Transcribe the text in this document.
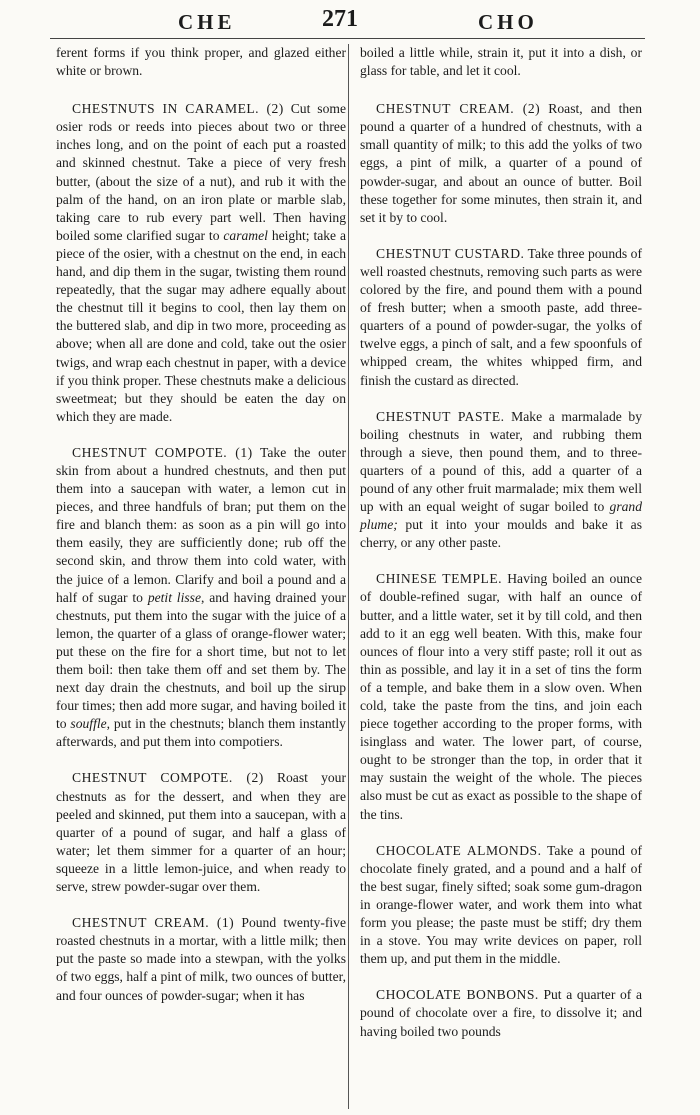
CHE	271	CHO

ferent forms if you think proper, and glazed either white or brown.

CHESTNUTS IN CARAMEL. (2) Cut some osier rods or reeds into pieces about two or three inches long, and on the point of each put a roasted and skinned chestnut. Take a piece of very fresh butter, (about the size of a nut), and rub it with the palm of the hand, on an iron plate or marble slab, taking care to rub every part well. Then having boiled some clarified sugar to caramel height; take a piece of the osier, with a chestnut on the end, in each hand, and dip them in the sugar, twisting them round repeatedly, that the sugar may adhere equally about the chestnut till it begins to cool, then lay them on the buttered slab, and dip in two more, proceeding as above; when all are done and cold, take out the osier twigs, and wrap each chestnut in paper, with a device if you think proper. These chestnuts make a delicious sweetmeat; but they should be eaten the day on which they are made.

CHESTNUT COMPOTE. (1) Take the outer skin from about a hundred chestnuts, and then put them into a saucepan with water, a lemon cut in pieces, and three handfuls of bran; put them on the fire and blanch them: as soon as a pin will go into them easily, they are sufficiently done; rub off the second skin, and throw them into cold water, with the juice of a lemon. Clarify and boil a pound and a half of sugar to petit lisse, and having drained your chestnuts, put them into the sugar with the juice of a lemon, the quarter of a glass of orange-flower water; put these on the fire for a short time, but not to let them boil: then take them off and set them by. The next day drain the chestnuts, and boil up the sirup four times; then add more sugar, and having boiled it to souffle, put in the chestnuts; blanch them instantly afterwards, and put them into compotiers.

CHESTNUT COMPOTE. (2) Roast your chestnuts as for the dessert, and when they are peeled and skinned, put them into a saucepan, with a quarter of a pound of sugar, and half a glass of water; let them simmer for a quarter of an hour; squeeze in a little lemon-juice, and when ready to serve, strew powder-sugar over them.

CHESTNUT CREAM. (1) Pound twenty-five roasted chestnuts in a mortar, with a little milk; then put the paste so made into a stewpan, with the yolks of two eggs, half a pint of milk, two ounces of butter, and four ounces of powder-sugar; when it has

boiled a little while, strain it, put it into a dish, or glass for table, and let it cool.

CHESTNUT CREAM. (2) Roast, and then pound a quarter of a hundred of chestnuts, with a small quantity of milk; to this add the yolks of two eggs, a pint of milk, a quarter of a pound of powder-sugar, and about an ounce of butter. Boil these together for some minutes, then strain it, and set it by to cool.

CHESTNUT CUSTARD. Take three pounds of well roasted chestnuts, removing such parts as were colored by the fire, and pound them with a pound of fresh butter; when a smooth paste, add three-quarters of a pound of powder-sugar, the yolks of twelve eggs, a pinch of salt, and a few spoonfuls of whipped cream, the whites whipped firm, and finish the custard as directed.

CHESTNUT PASTE. Make a marmalade by boiling chestnuts in water, and rubbing them through a sieve, then pound them, and to three-quarters of a pound of this, add a quarter of a pound of any other fruit marmalade; mix them well up with an equal weight of sugar boiled to grand plume; put it into your moulds and bake it as cherry, or any other paste.

CHINESE TEMPLE. Having boiled an ounce of double-refined sugar, with half an ounce of butter, and a little water, set it by till cold, and then add to it an egg well beaten. With this, make four ounces of flour into a very stiff paste; roll it out as thin as possible, and lay it in a set of tins the form of a temple, and bake them in a slow oven. When cold, take the paste from the tins, and join each piece together according to the proper forms, with isinglass and water. The lower part, of course, ought to be stronger than the top, in order that it may sustain the weight of the whole. The pieces also must be cut as exact as possible to the shape of the tins.

CHOCOLATE ALMONDS. Take a pound of chocolate finely grated, and a pound and a half of the best sugar, finely sifted; soak some gum-dragon in orange-flower water, and work them into what form you please; the paste must be stiff; dry them in a stove. You may write devices on paper, roll them up, and put them in the middle.

CHOCOLATE BONBONS. Put a quarter of a pound of chocolate over a fire, to dissolve it; and having boiled two pounds
